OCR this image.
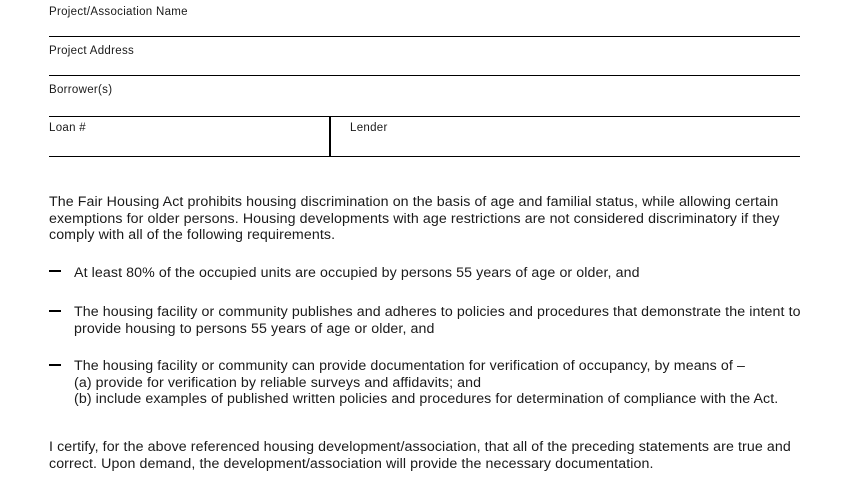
Project/Association Name
Project Address
Borrower(s)
Loan #	Lender

The Fair Housing Act prohibits housing discrimination on the basis of age and familial status, while allowing certain
exemptions for older persons. Housing developments with age restrictions are not considered discriminatory if they
comply with all of the following requirements.

At least 80% of the occupied units are occupied by persons 55 years of age or older, and

The housing facility or community publishes and adheres to policies and procedures that demonstrate the intent to
provide housing to persons 55 years of age or older, and

The housing facility or community can provide documentation for verification of occupancy, by means of –
(a) provide for verification by reliable surveys and affidavits; and
(b) include examples of published written policies and procedures for determination of compliance with the Act.

I certify, for the above referenced housing development/association, that all of the preceding statements are true and
correct. Upon demand, the development/association will provide the necessary documentation.
